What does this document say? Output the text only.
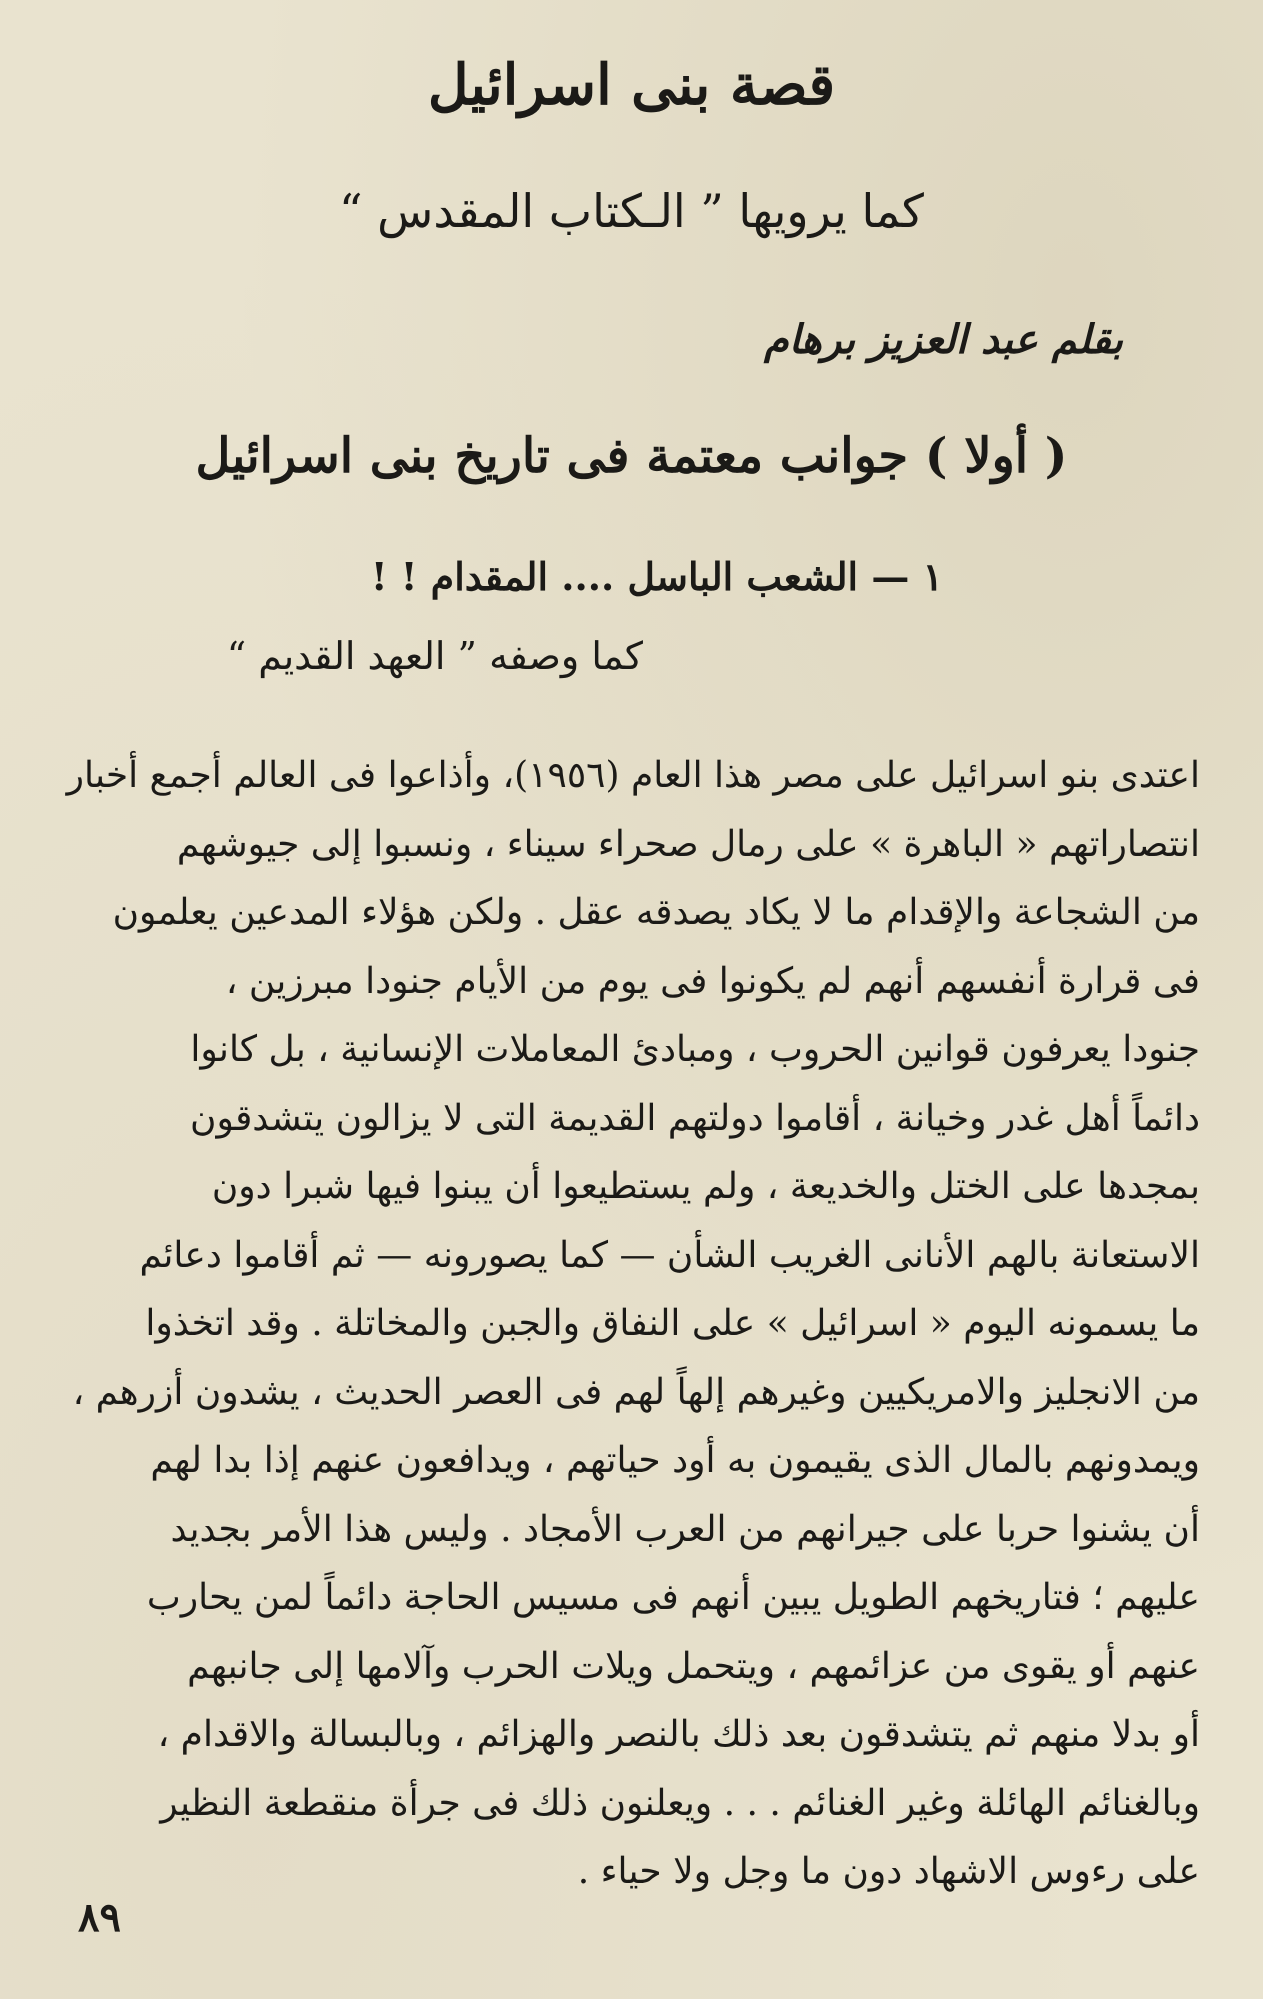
قصة بنى اسرائيل
كما يرويها ” الـكتاب المقدس “
بقلم عبد العزيز برهام
( أولا ) جوانب معتمة فى تاريخ بنى اسرائيل
١ — الشعب الباسل .... المقدام ! !
كما وصفه ” العهد القديم “
اعتدى بنو اسرائيل على مصر هذا العام (١٩٥٦)، وأذاعوا فى العالم أجمع أخبار
انتصاراتهم « الباهرة » على رمال صحراء سيناء ، ونسبوا إلى جيوشهم
من الشجاعة والإقدام ما لا يكاد يصدقه عقل . ولكن هؤلاء المدعين يعلمون
فى قرارة أنفسهم أنهم لم يكونوا فى يوم من الأيام جنودا مبرزين ،
جنودا يعرفون قوانين الحروب ، ومبادئ المعاملات الإنسانية ، بل كانوا
دائماً أهل غدر وخيانة ، أقاموا دولتهم القديمة التى لا يزالون يتشدقون
بمجدها على الختل والخديعة ، ولم يستطيعوا أن يبنوا فيها شبرا دون
الاستعانة بالهم الأنانى الغريب الشأن — كما يصورونه — ثم أقاموا دعائم
ما يسمونه اليوم « اسرائيل » على النفاق والجبن والمخاتلة . وقد اتخذوا
من الانجليز والامريكيين وغيرهم إلهاً لهم فى العصر الحديث ، يشدون أزرهم ،
ويمدونهم بالمال الذى يقيمون به أود حياتهم ، ويدافعون عنهم إذا بدا لهم
أن يشنوا حربا على جيرانهم من العرب الأمجاد . وليس هذا الأمر بجديد
عليهم ؛ فتاريخهم الطويل يبين أنهم فى مسيس الحاجة دائماً لمن يحارب
عنهم أو يقوى من عزائمهم ، ويتحمل ويلات الحرب وآلامها إلى جانبهم
أو بدلا منهم ثم يتشدقون بعد ذلك بالنصر والهزائم ، وبالبسالة والاقدام ،
وبالغنائم الهائلة وغير الغنائم . . . ويعلنون ذلك فى جرأة منقطعة النظير
على رءوس الاشهاد دون ما وجل ولا حياء .
٨٩
